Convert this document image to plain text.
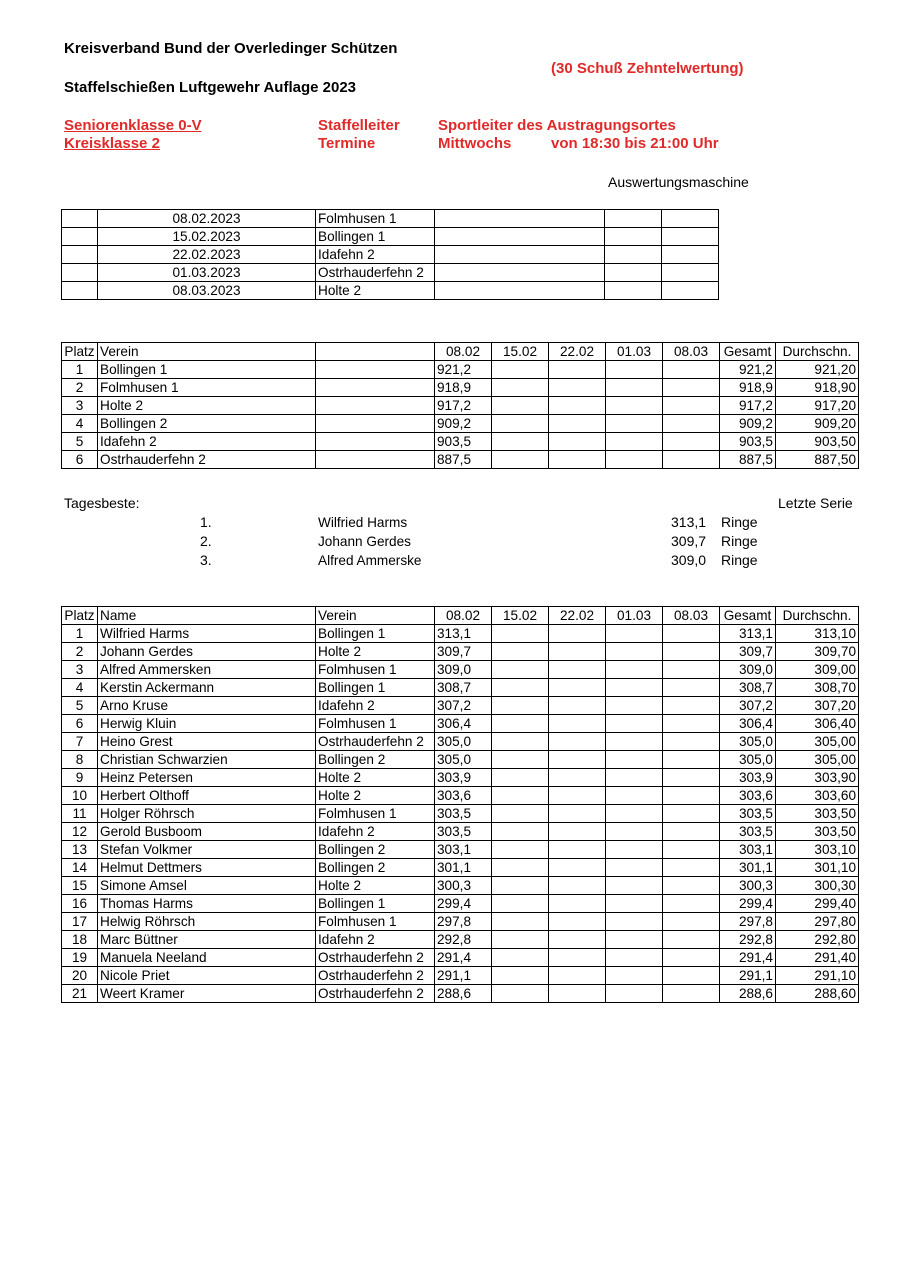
Kreisverband Bund der Overledinger Schützen
(30 Schuß Zehntelwertung)
Staffelschießen Luftgewehr Auflage 2023
Seniorenklasse 0-V
Kreisklasse 2
Staffelleiter
Termine
Sportleiter des Austragungsortes
Mittwochs	von 18:30 bis 21:00 Uhr
Auswertungsmaschine
	08.02.2023	Folmhusen 1			
	15.02.2023	Bollingen 1			
	22.02.2023	Idafehn 2			
	01.03.2023	Ostrhauderfehn 2			
	08.03.2023	Holte 2			
Platz	Verein		08.02	15.02	22.02	01.03	08.03	Gesamt	Durchschn.
1	Bollingen 1		921,2					921,2	921,20
2	Folmhusen 1		918,9					918,9	918,90
3	Holte 2		917,2					917,2	917,20
4	Bollingen 2		909,2					909,2	909,20
5	Idafehn 2		903,5					903,5	903,50
6	Ostrhauderfehn 2		887,5					887,5	887,50
Tagesbeste:	Letzte Serie
1.	Wilfried Harms	313,1 Ringe
2.	Johann Gerdes	309,7 Ringe
3.	Alfred Ammerske	309,0 Ringe
Platz	Name	Verein	08.02	15.02	22.02	01.03	08.03	Gesamt	Durchschn.
1	Wilfried Harms	Bollingen 1	313,1					313,1	313,10
2	Johann Gerdes	Holte 2	309,7					309,7	309,70
3	Alfred Ammersken	Folmhusen 1	309,0					309,0	309,00
4	Kerstin Ackermann	Bollingen 1	308,7					308,7	308,70
5	Arno Kruse	Idafehn 2	307,2					307,2	307,20
6	Herwig Kluin	Folmhusen 1	306,4					306,4	306,40
7	Heino Grest	Ostrhauderfehn 2	305,0					305,0	305,00
8	Christian Schwarzien	Bollingen 2	305,0					305,0	305,00
9	Heinz Petersen	Holte 2	303,9					303,9	303,90
10	Herbert Olthoff	Holte 2	303,6					303,6	303,60
11	Holger Röhrsch	Folmhusen 1	303,5					303,5	303,50
12	Gerold Busboom	Idafehn 2	303,5					303,5	303,50
13	Stefan Volkmer	Bollingen 2	303,1					303,1	303,10
14	Helmut Dettmers	Bollingen 2	301,1					301,1	301,10
15	Simone Amsel	Holte 2	300,3					300,3	300,30
16	Thomas Harms	Bollingen 1	299,4					299,4	299,40
17	Helwig Röhrsch	Folmhusen 1	297,8					297,8	297,80
18	Marc Büttner	Idafehn 2	292,8					292,8	292,80
19	Manuela Neeland	Ostrhauderfehn 2	291,4					291,4	291,40
20	Nicole Priet	Ostrhauderfehn 2	291,1					291,1	291,10
21	Weert Kramer	Ostrhauderfehn 2	288,6					288,6	288,60
